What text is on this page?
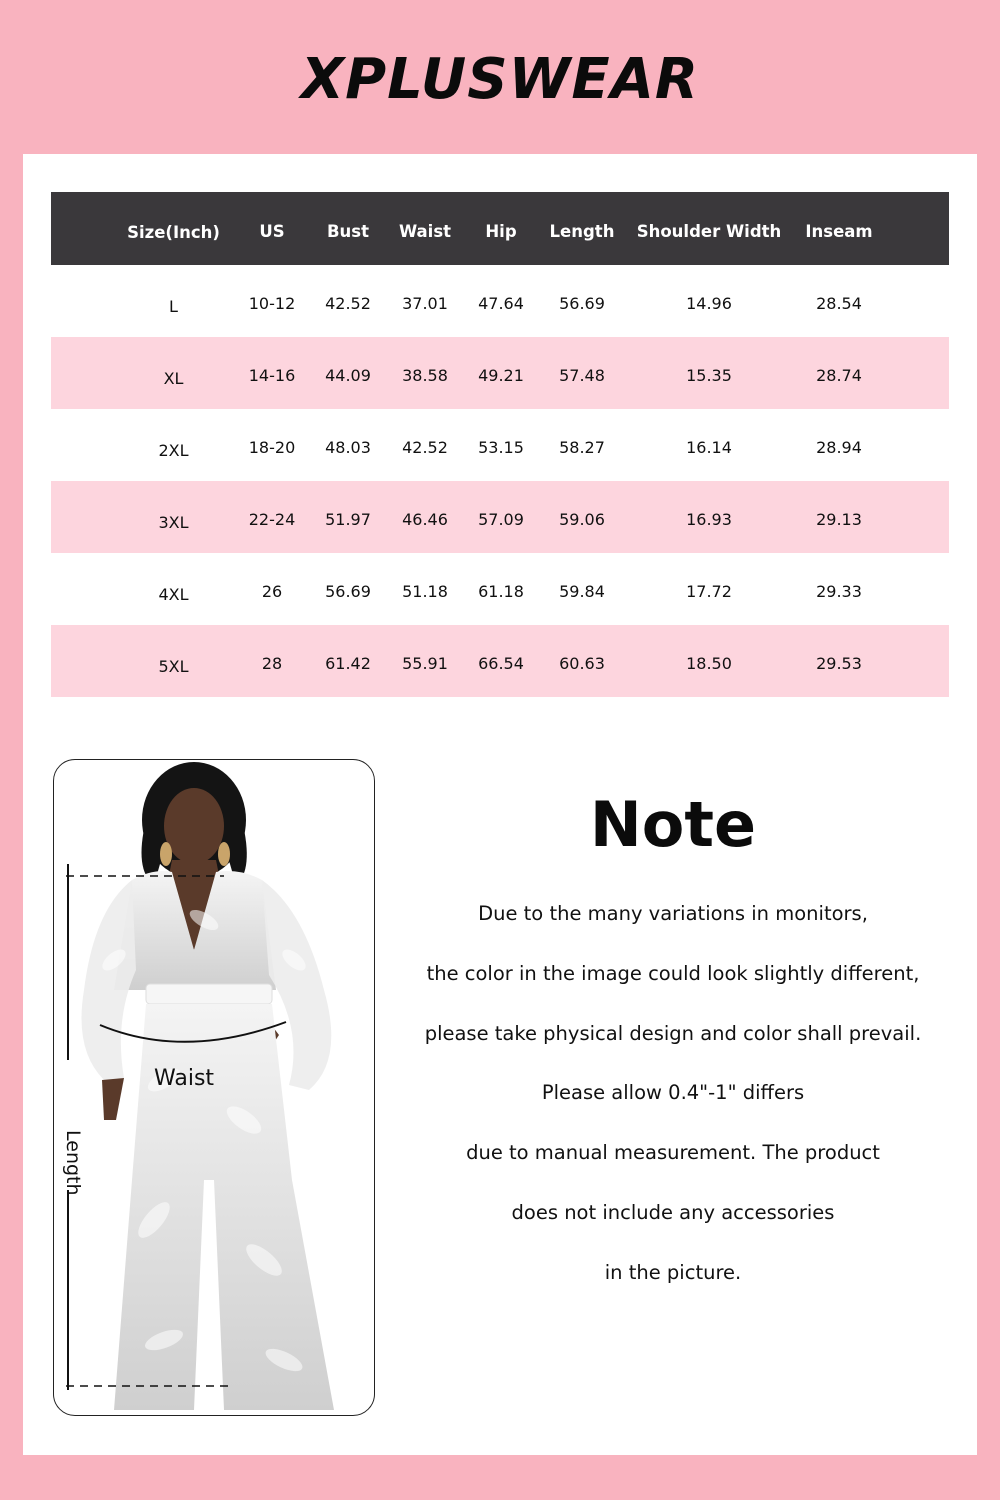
XPLUSWEAR
Size(Inch)	US	Bust	Waist	Hip	Length	Shoulder Width	Inseam
L	10-12	42.52	37.01	47.64	56.69	14.96	28.54
XL	14-16	44.09	38.58	49.21	57.48	15.35	28.74
2XL	18-20	48.03	42.52	53.15	58.27	16.14	28.94
3XL	22-24	51.97	46.46	57.09	59.06	16.93	29.13
4XL	26	56.69	51.18	61.18	59.84	17.72	29.33
5XL	28	61.42	55.91	66.54	60.63	18.50	29.53
Waist
Length
Note
Due to the many variations in monitors,
the color in the image could look slightly different,
please take physical design and color shall prevail.
Please allow 0.4"-1" differs
due to manual measurement. The product
does not include any accessories
in the picture.
